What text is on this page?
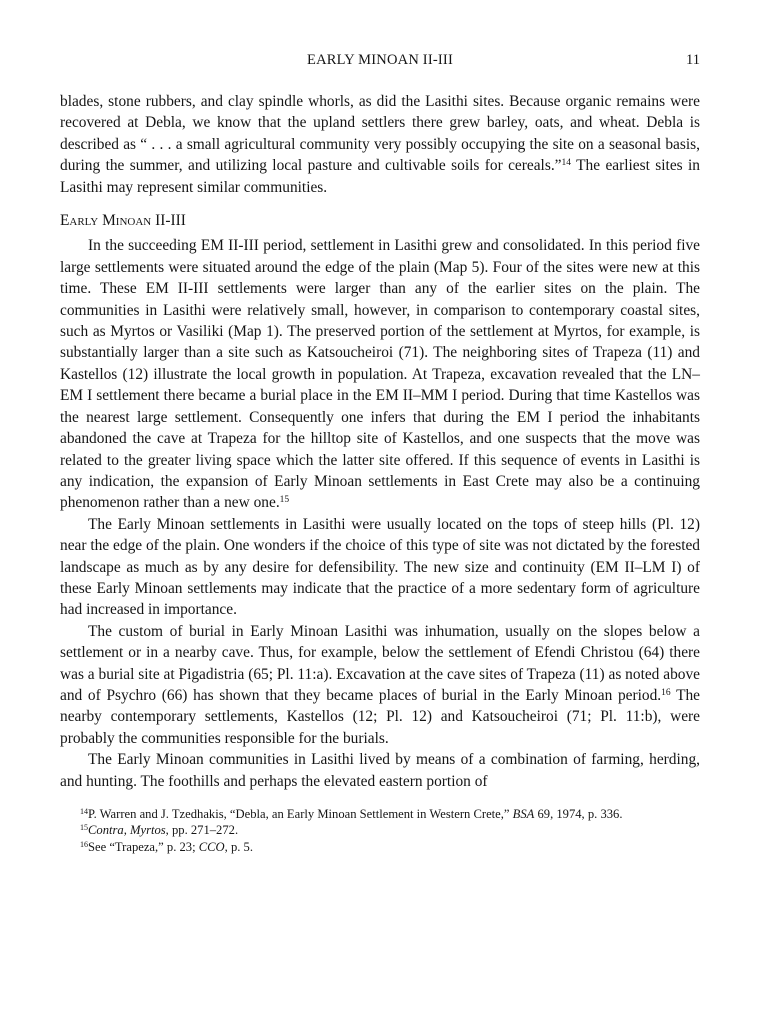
EARLY MINOAN II-III	11

blades, stone rubbers, and clay spindle whorls, as did the Lasithi sites. Because organic remains were recovered at Debla, we know that the upland settlers there grew barley, oats, and wheat. Debla is described as “ . . . a small agricultural community very possibly occupying the site on a seasonal basis, during the summer, and utilizing local pasture and cultivable soils for cereals.”$^{14}$ The earliest sites in Lasithi may represent similar communities.

Early Minoan II-III

In the succeeding EM II-III period, settlement in Lasithi grew and consolidated. In this period five large settlements were situated around the edge of the plain (Map 5). Four of the sites were new at this time. These EM II-III settlements were larger than any of the earlier sites on the plain. The communities in Lasithi were relatively small, however, in comparison to contemporary coastal sites, such as Myrtos or Vasiliki (Map 1). The preserved portion of the settlement at Myrtos, for example, is substantially larger than a site such as Katsoucheiroi (71). The neighboring sites of Trapeza (11) and Kastellos (12) illustrate the local growth in population. At Trapeza, excavation revealed that the LN–EM I settlement there became a burial place in the EM II–MM I period. During that time Kastellos was the nearest large settlement. Consequently one infers that during the EM I period the inhabitants abandoned the cave at Trapeza for the hilltop site of Kastellos, and one suspects that the move was related to the greater living space which the latter site offered. If this sequence of events in Lasithi is any indication, the expansion of Early Minoan settlements in East Crete may also be a continuing phenomenon rather than a new one.$^{15}$

The Early Minoan settlements in Lasithi were usually located on the tops of steep hills (Pl. 12) near the edge of the plain. One wonders if the choice of this type of site was not dictated by the forested landscape as much as by any desire for defensibility. The new size and continuity (EM II–LM I) of these Early Minoan settlements may indicate that the practice of a more sedentary form of agriculture had increased in importance.

The custom of burial in Early Minoan Lasithi was inhumation, usually on the slopes below a settlement or in a nearby cave. Thus, for example, below the settlement of Efendi Christou (64) there was a burial site at Pigadistria (65; Pl. 11:a). Excavation at the cave sites of Trapeza (11) as noted above and of Psychro (66) has shown that they became places of burial in the Early Minoan period.$^{16}$ The nearby contemporary settlements, Kastellos (12; Pl. 12) and Katsoucheiroi (71; Pl. 11:b), were probably the communities responsible for the burials.

The Early Minoan communities in Lasithi lived by means of a combination of farming, herding, and hunting. The foothills and perhaps the elevated eastern portion of

$^{14}$P. Warren and J. Tzedhakis, “Debla, an Early Minoan Settlement in Western Crete,” BSA 69, 1974, p. 336.

$^{15}$Contra, Myrtos, pp. 271–272.

$^{16}$See “Trapeza,” p. 23; CCO, p. 5.
